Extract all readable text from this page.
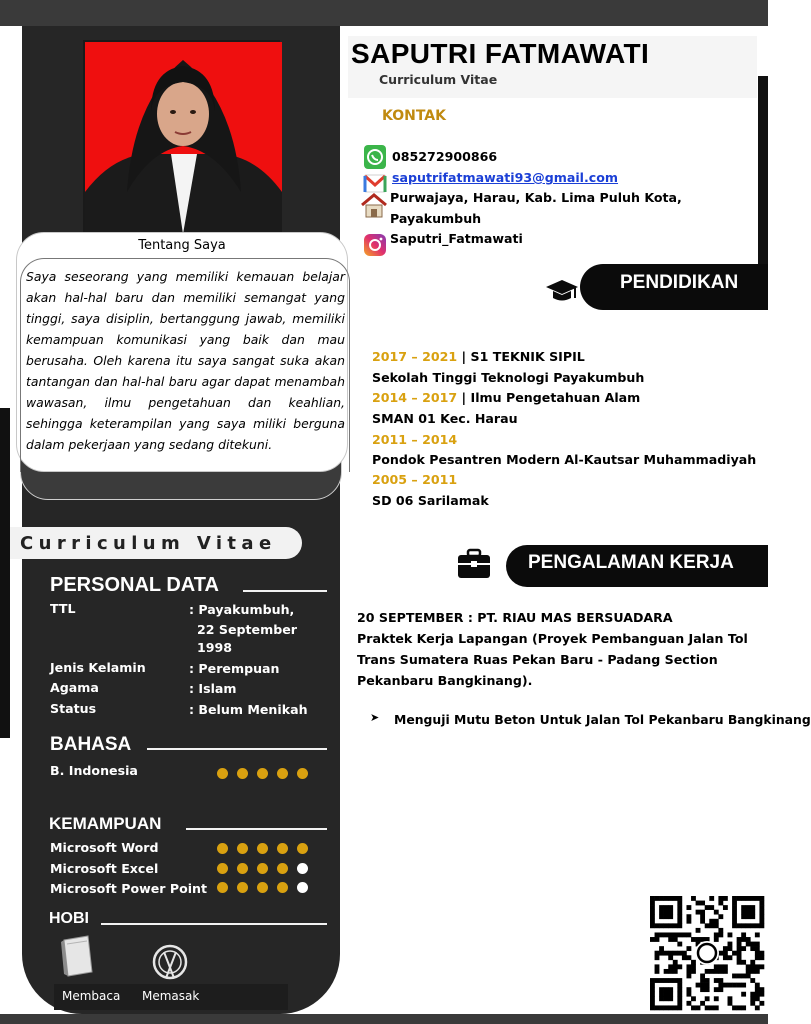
Tentang Saya
Saya seseorang yang memiliki kemauan belajar akan hal-hal baru dan memiliki semangat yang tinggi, saya disiplin, bertanggung jawab, memiliki kemampuan komunikasi yang baik dan mau berusaha. Oleh karena itu saya sangat suka akan tantangan dan hal-hal baru agar dapat menambah wawasan, ilmu pengetahuan dan keahlian, sehingga keterampilan yang saya miliki berguna dalam pekerjaan yang sedang ditekuni.
Curriculum Vitae
PERSONAL DATA
TTL	: Payakumbuh,
22 September
1998
Jenis Kelamin	: Perempuan
Agama	: Islam
Status	: Belum Menikah
BAHASA
B. Indonesia
KEMAMPUAN
Microsoft Word
Microsoft Excel
Microsoft Power Point
HOBI
Membaca Memasak
SAPUTRI FATMAWATI
Curriculum Vitae
KONTAK
085272900866
saputrifatmawati93@gmail.com
Purwajaya, Harau, Kab. Lima Puluh Kota,
Payakumbuh
Saputri_Fatmawati
PENDIDIKAN
2017 – 2021 | S1 TEKNIK SIPIL
Sekolah Tinggi Teknologi Payakumbuh
2014 – 2017 | Ilmu Pengetahuan Alam
SMAN 01 Kec. Harau
2011 – 2014
Pondok Pesantren Modern Al-Kautsar Muhammadiyah
2005 – 2011
SD 06 Sarilamak
PENGALAMAN KERJA
20 SEPTEMBER : PT. RIAU MAS BERSUADARA
Praktek Kerja Lapangan (Proyek Pembanguan Jalan Tol Trans Sumatera Ruas Pekan Baru - Padang Section Pekanbaru Bangkinang).
➤ Menguji Mutu Beton Untuk Jalan Tol Pekanbaru Bangkinang
